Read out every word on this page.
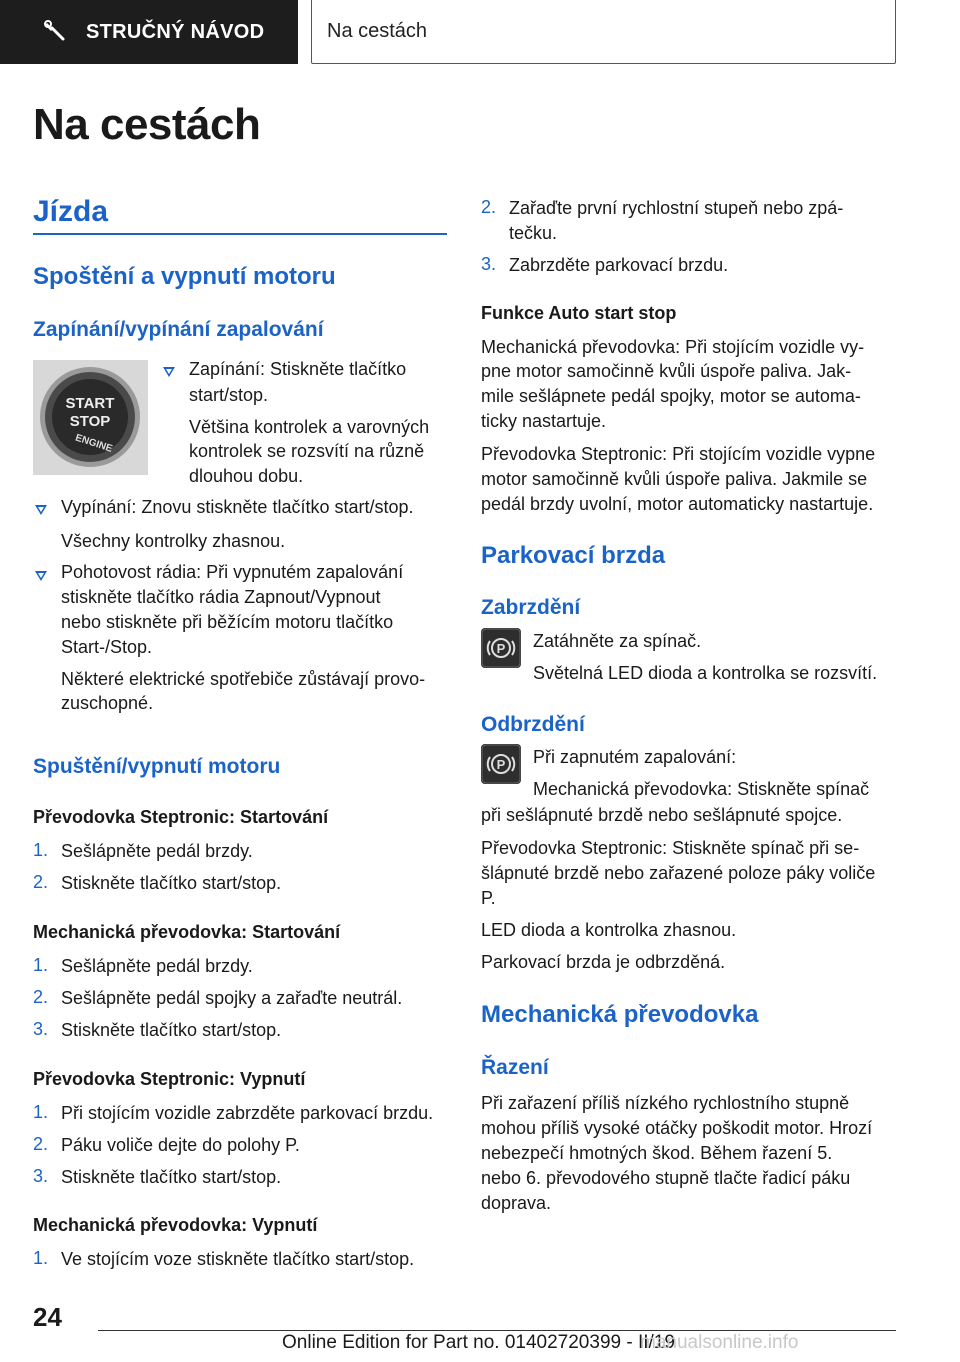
STRUČNÝ NÁVOD	Na cestách
Na cestách
Jízda
Spoštění a vypnutí motoru
Zapínání/vypínání zapalování
START
STOP
ENGINE
Zapínání: Stiskněte tlačítko
start/stop.
Většina kontrolek a varovných
kontrolek se rozsvítí na různě
dlouhou dobu.
Vypínání: Znovu stiskněte tlačítko start/stop.
Všechny kontrolky zhasnou.
Pohotovost rádia: Při vypnutém zapalování
stiskněte tlačítko rádia Zapnout/Vypnout
nebo stiskněte při běžícím motoru tlačítko
Start-/Stop.
Některé elektrické spotřebiče zůstávají provo-
zuschopné.
Spuštění/vypnutí motoru
Převodovka Steptronic: Startování
1. Sešlápněte pedál brzdy.
2. Stiskněte tlačítko start/stop.
Mechanická převodovka: Startování
1. Sešlápněte pedál brzdy.
2. Sešlápněte pedál spojky a zařaďte neutrál.
3. Stiskněte tlačítko start/stop.
Převodovka Steptronic: Vypnutí
1. Při stojícím vozidle zabrzděte parkovací brzdu.
2. Páku voliče dejte do polohy P.
3. Stiskněte tlačítko start/stop.
Mechanická převodovka: Vypnutí
1. Ve stojícím voze stiskněte tlačítko start/stop.
2. Zařaďte první rychlostní stupeň nebo zpá-
tečku.
3. Zabrzděte parkovací brzdu.
Funkce Auto start stop
Mechanická převodovka: Při stojícím vozidle vy-
pne motor samočinně kvůli úspoře paliva. Jak-
mile sešlápnete pedál spojky, motor se automa-
ticky nastartuje.
Převodovka Steptronic: Při stojícím vozidle vypne
motor samočinně kvůli úspoře paliva. Jakmile se
pedál brzdy uvolní, motor automaticky nastartuje.
Parkovací brzda
Zabrzdění
P Zatáhněte za spínač.
Světelná LED dioda a kontrolka se rozsvítí.
Odbrzdění
P Při zapnutém zapalování:
Mechanická převodovka: Stiskněte spínač
při sešlápnuté brzdě nebo sešlápnuté spojce.
Převodovka Steptronic: Stiskněte spínač při se-
šlápnuté brzdě nebo zařazené poloze páky voliče
P.
LED dioda a kontrolka zhasnou.
Parkovací brzda je odbrzděná.
Mechanická převodovka
Řazení
Při zařazení příliš nízkého rychlostního stupně
mohou příliš vysoké otáčky poškodit motor. Hrozí
nebezpečí hmotných škod. Během řazení 5.
nebo 6. převodového stupně tlačte řadicí páku
doprava.
24
Online Edition for Part no. 01402720399 - II/19
manualsonline.info
